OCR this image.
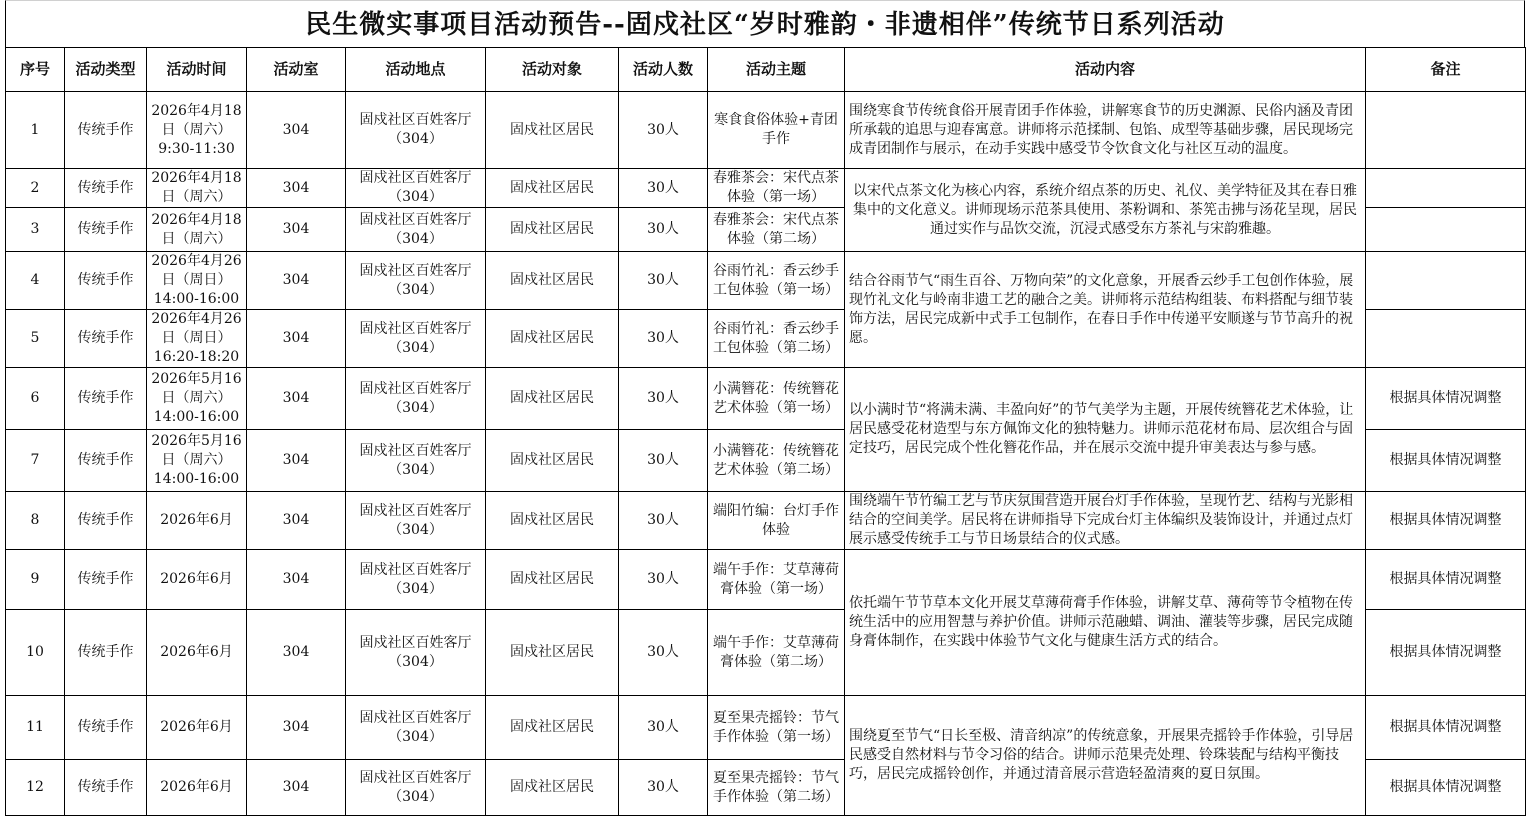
民生微实事项目活动预告--固戍社区“岁时雅韵・非遗相伴”传统节日系列活动
序号	活动类型	活动时间	活动室	活动地点	活动对象	活动人数	活动主题	活动内容	备注
1	传统手作	2026年4月18日（周六）9:30-11:30	304	固戍社区百姓客厅（304）	固戍社区居民	30人	寒食食俗体验+青团手作	围绕寒食节传统食俗开展青团手作体验，讲解寒食节的历史渊源、民俗内涵及青团所承载的追思与迎春寓意。讲师将示范揉制、包馅、成型等基础步骤，居民现场完成青团制作与展示，在动手实践中感受节令饮食文化与社区互动的温度。	
2	传统手作	2026年4月18日（周六）	304	固戍社区百姓客厅（304）	固戍社区居民	30人	春雅茶会：宋代点茶体验（第一场）	以宋代点茶文化为核心内容，系统介绍点茶的历史、礼仪、美学特征及其在春日雅集中的文化意义。讲师现场示范茶具使用、茶粉调和、茶筅击拂与汤花呈现，居民通过实作与品饮交流，沉浸式感受东方茶礼与宋韵雅趣。	
3	传统手作	2026年4月18日（周六）	304	固戍社区百姓客厅（304）	固戍社区居民	30人	春雅茶会：宋代点茶体验（第二场）		
4	传统手作	2026年4月26日（周日）14:00-16:00	304	固戍社区百姓客厅（304）	固戍社区居民	30人	谷雨竹礼：香云纱手工包体验（第一场）	结合谷雨节气“雨生百谷、万物向荣”的文化意象，开展香云纱手工包创作体验，展现竹礼文化与岭南非遗工艺的融合之美。讲师将示范结构组装、布料搭配与细节装饰方法，居民完成新中式手工包制作，在春日手作中传递平安顺遂与节节高升的祝愿。	
5	传统手作	2026年4月26日（周日）16:20-18:20	304	固戍社区百姓客厅（304）	固戍社区居民	30人	谷雨竹礼：香云纱手工包体验（第二场）		
6	传统手作	2026年5月16日（周六）14:00-16:00	304	固戍社区百姓客厅（304）	固戍社区居民	30人	小满簪花：传统簪花艺术体验（第一场）	以小满时节“将满未满、丰盈向好”的节气美学为主题，开展传统簪花艺术体验，让居民感受花材造型与东方佩饰文化的独特魅力。讲师示范花材布局、层次组合与固定技巧，居民完成个性化簪花作品，并在展示交流中提升审美表达与参与感。	根据具体情况调整
7	传统手作	2026年5月16日（周六）14:00-16:00	304	固戍社区百姓客厅（304）	固戍社区居民	30人	小满簪花：传统簪花艺术体验（第二场）		根据具体情况调整
8	传统手作	2026年6月	304	固戍社区百姓客厅（304）	固戍社区居民	30人	端阳竹编：台灯手作体验	围绕端午节竹编工艺与节庆氛围营造开展台灯手作体验，呈现竹艺、结构与光影相结合的空间美学。居民将在讲师指导下完成台灯主体编织及装饰设计，并通过点灯展示感受传统手工与节日场景结合的仪式感。	根据具体情况调整
9	传统手作	2026年6月	304	固戍社区百姓客厅（304）	固戍社区居民	30人	端午手作：艾草薄荷膏体验（第一场）	依托端午节节草本文化开展艾草薄荷膏手作体验，讲解艾草、薄荷等节令植物在传统生活中的应用智慧与养护价值。讲师示范融蜡、调油、灌装等步骤，居民完成随身膏体制作，在实践中体验节气文化与健康生活方式的结合。	根据具体情况调整
10	传统手作	2026年6月	304	固戍社区百姓客厅（304）	固戍社区居民	30人	端午手作：艾草薄荷膏体验（第二场）		根据具体情况调整
11	传统手作	2026年6月	304	固戍社区百姓客厅（304）	固戍社区居民	30人	夏至果壳摇铃：节气手作体验（第一场）	围绕夏至节气“日长至极、清音纳凉”的传统意象，开展果壳摇铃手作体验，引导居民感受自然材料与节令习俗的结合。讲师示范果壳处理、铃珠装配与结构平衡技巧，居民完成摇铃创作，并通过清音展示营造轻盈清爽的夏日氛围。	根据具体情况调整
12	传统手作	2026年6月	304	固戍社区百姓客厅（304）	固戍社区居民	30人	夏至果壳摇铃：节气手作体验（第二场）		根据具体情况调整
